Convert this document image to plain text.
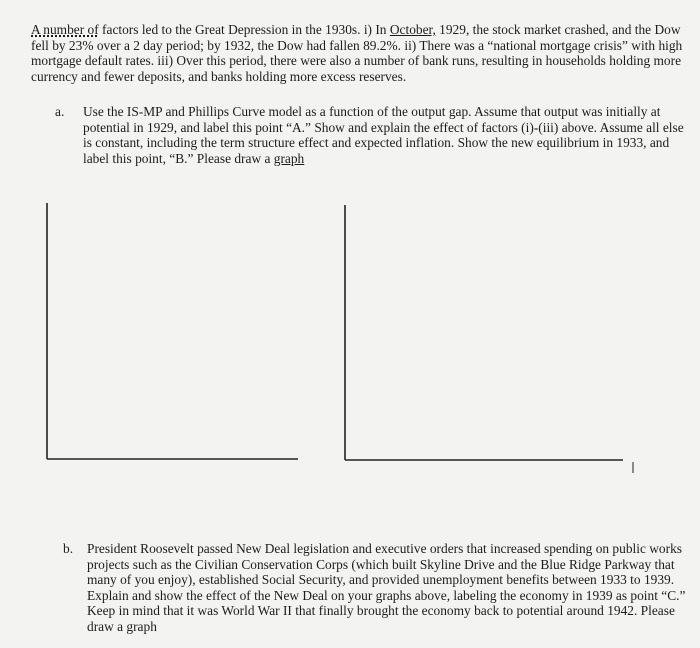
A number of factors led to the Great Depression in the 1930s. i) In October, 1929, the stock market crashed, and the Dow fell by 23% over a 2 day period; by 1932, the Dow had fallen 89.2%. ii) There was a “national mortgage crisis” with high mortgage default rates. iii) Over this period, there were also a number of bank runs, resulting in households holding more currency and fewer deposits, and banks holding more excess reserves.

a. Use the IS-MP and Phillips Curve model as a function of the output gap. Assume that output was initially at potential in 1929, and label this point “A.” Show and explain the effect of factors (i)-(iii) above. Assume all else is constant, including the term structure effect and expected inflation. Show the new equilibrium in 1933, and label this point, “B.” Please draw a graph

b. President Roosevelt passed New Deal legislation and executive orders that increased spending on public works projects such as the Civilian Conservation Corps (which built Skyline Drive and the Blue Ridge Parkway that many of you enjoy), established Social Security, and provided unemployment benefits between 1933 to 1939. Explain and show the effect of the New Deal on your graphs above, labeling the economy in 1939 as point “C.” Keep in mind that it was World War II that finally brought the economy back to potential around 1942. Please draw a graph
